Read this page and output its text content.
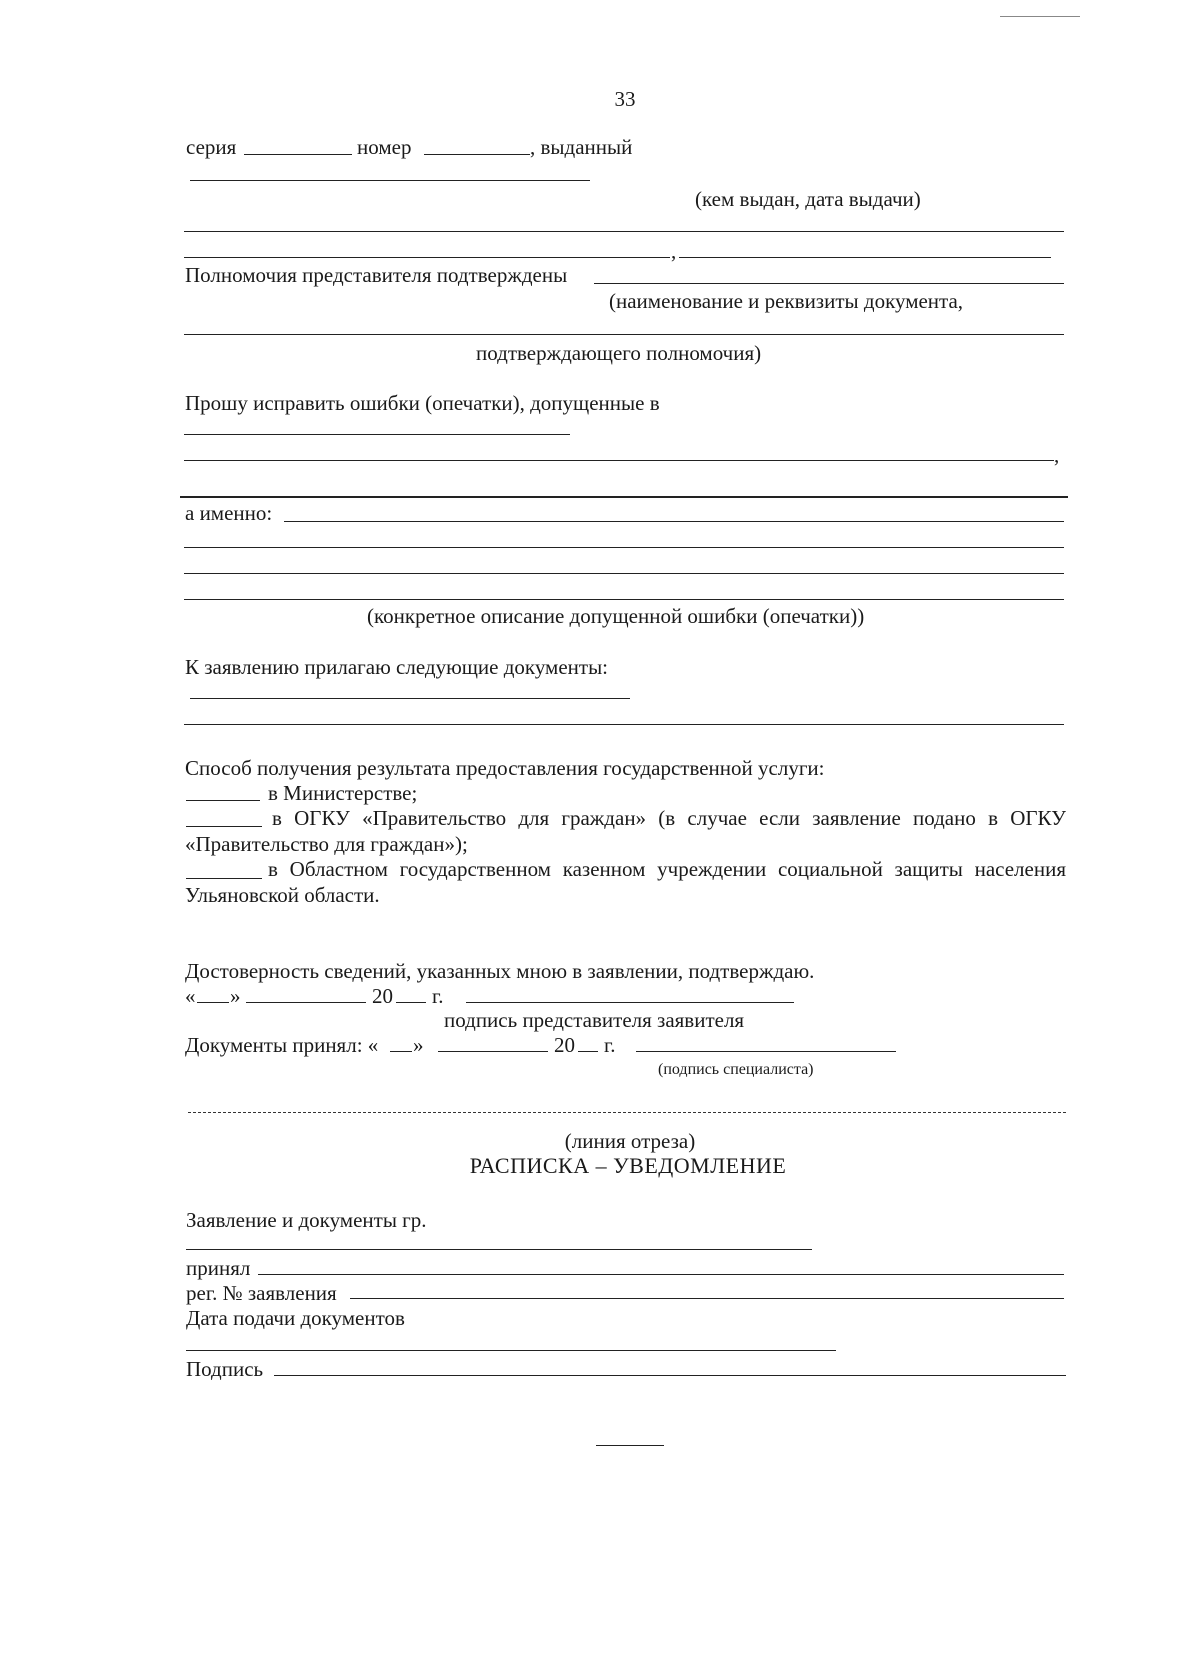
33
серия	номер	, выданный
(кем выдан, дата выдачи)
,
Полномочия представителя подтверждены
(наименование и реквизиты документа,
подтверждающего полномочия)
Прошу исправить ошибки (опечатки), допущенные в
,
а именно:
(конкретное описание допущенной ошибки (опечатки))
К заявлению прилагаю следующие документы:
Способ получения результата предоставления государственной услуги:
в Министерстве;
в ОГКУ «Правительство для граждан» (в случае если заявление подано в ОГКУ
«Правительство для граждан»);
в Областном государственном казенном учреждении социальной защиты населения
Ульяновской области.
Достоверность сведений, указанных мною в заявлении, подтверждаю.
« »	20 г.
подпись представителя заявителя
Документы принял: « »	20 г.
(подпись специалиста)
(линия отреза)
РАСПИСКА – УВЕДОМЛЕНИЕ
Заявление и документы гр.
принял
рег. № заявления
Дата подачи документов
Подпись
